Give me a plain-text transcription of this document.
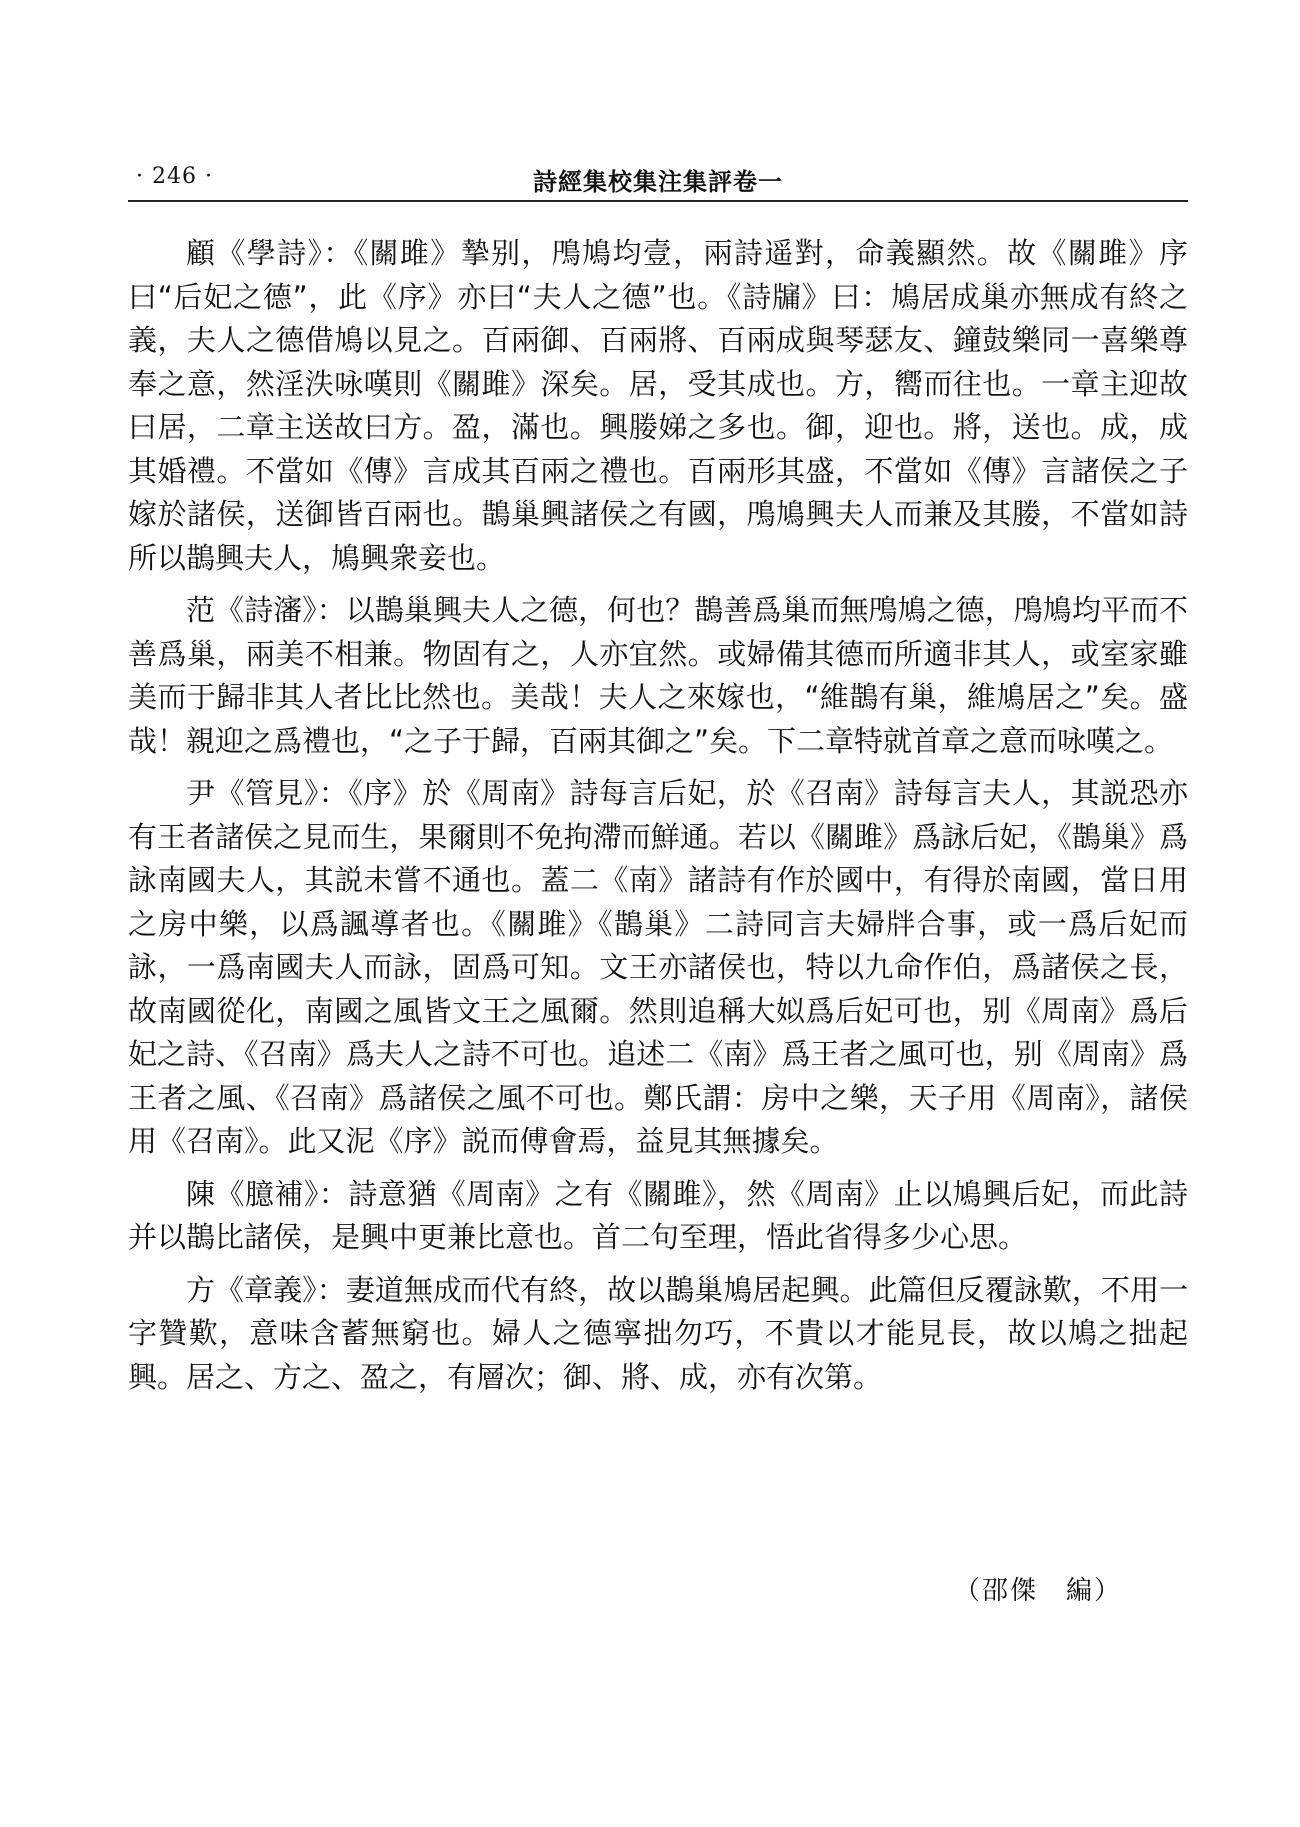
· 246 ·	詩經集校集注集評卷一

顧《學詩》：《關雎》摯别，鳲鳩均壹，兩詩遥對，命義顯然。故《關雎》序曰“后妃之德”，此《序》亦曰“夫人之德”也。《詩牖》曰：鳩居成巢亦無成有終之義，夫人之德借鳩以見之。百兩御、百兩將、百兩成與琴瑟友、鐘鼓樂同一喜樂尊奉之意，然淫泆咏嘆則《關雎》深矣。居，受其成也。方，嚮而往也。一章主迎故曰居，二章主送故曰方。盈，滿也。興媵娣之多也。御，迎也。將，送也。成，成其婚禮。不當如《傳》言成其百兩之禮也。百兩形其盛，不當如《傳》言諸侯之子嫁於諸侯，送御皆百兩也。鵲巢興諸侯之有國，鳲鳩興夫人而兼及其媵，不當如詩所以鵲興夫人，鳩興衆妾也。

范《詩瀋》：以鵲巢興夫人之德，何也？鵲善爲巢而無鳲鳩之德，鳲鳩均平而不善爲巢，兩美不相兼。物固有之，人亦宜然。或婦備其德而所適非其人，或室家雖美而于歸非其人者比比然也。美哉！夫人之來嫁也，“維鵲有巢，維鳩居之”矣。盛哉！親迎之爲禮也，“之子于歸，百兩其御之”矣。下二章特就首章之意而咏嘆之。

尹《管見》：《序》於《周南》詩每言后妃，於《召南》詩每言夫人，其説恐亦有王者諸侯之見而生，果爾則不免拘滯而鮮通。若以《關雎》爲詠后妃，《鵲巢》爲詠南國夫人，其説未嘗不通也。蓋二《南》諸詩有作於國中，有得於南國，當日用之房中樂，以爲諷導者也。《關雎》《鵲巢》二詩同言夫婦牉合事，或一爲后妃而詠，一爲南國夫人而詠，固爲可知。文王亦諸侯也，特以九命作伯，爲諸侯之長，故南國從化，南國之風皆文王之風爾。然則追稱大姒爲后妃可也，别《周南》爲后妃之詩、《召南》爲夫人之詩不可也。追述二《南》爲王者之風可也，别《周南》爲王者之風、《召南》爲諸侯之風不可也。鄭氏謂：房中之樂，天子用《周南》，諸侯用《召南》。此又泥《序》説而傅會焉，益見其無據矣。

陳《臆補》：詩意猶《周南》之有《關雎》，然《周南》止以鳩興后妃，而此詩并以鵲比諸侯，是興中更兼比意也。首二句至理，悟此省得多少心思。

方《章義》：妻道無成而代有終，故以鵲巢鳩居起興。此篇但反覆詠歎，不用一字贊歎，意味含蓄無窮也。婦人之德寧拙勿巧，不貴以才能見長，故以鳩之拙起興。居之、方之、盈之，有層次；御、將、成，亦有次第。

（邵傑　編）
